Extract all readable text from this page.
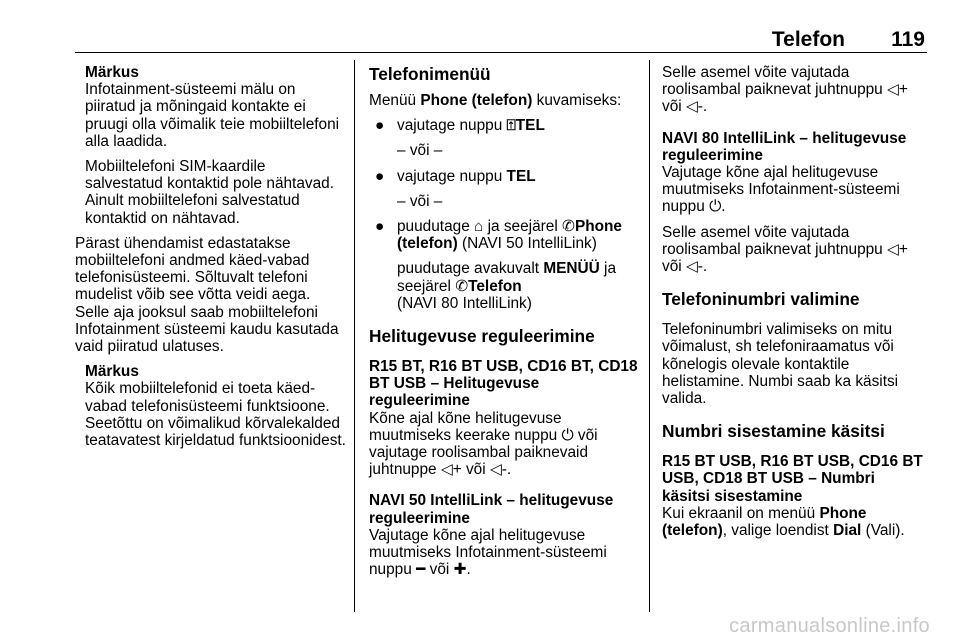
Telefon 119
Märkus

Infotainment-süsteemi mälu on piiratud ja mõningaid kontakte ei pruugi olla võimalik teie mobiiltelefoni alla laadida.

Mobiiltelefoni SIM-kaardile salvestatud kontaktid pole nähtavad. Ainult mobiiltelefoni salvestatud kontaktid on nähtavad.

Pärast ühendamist edastatakse mobiiltelefoni andmed käed-vabad telefonisüsteemi. Sõltuvalt telefoni mudelist võib see võtta veidi aega. Selle aja jooksul saab mobiiltelefoni Infotainment süsteemi kaudu kasutada vaid piiratud ulatuses.

Märkus

Kõik mobiiltelefonid ei toeta käed-vabad telefonisüsteemi funktsioone. Seetõttu on võimalikud kõrvalekalded teatavatest kirjeldatud funktsioonidest.

Telefonimenüü

Menüü Phone (telefon) kuvamiseks:

● vajutage nuppu ⍐TEL
– või –
● vajutage nuppu TEL
– või –
● puudutage ⌂ ja seejärel ✆Phone (telefon) (NAVI 50 IntelliLink)
puudutage avakuvalt MENÜÜ ja seejärel ✆Telefon
(NAVI 80 IntelliLink)
Helitugevuse reguleerimine
R15 BT, R16 BT USB, CD16 BT, CD18 BT USB – Helitugevuse reguleerimine

Kõne ajal kõne helitugevuse muutmiseks keerake nuppu ⏻ või vajutage roolisambal paiknevaid juhtnuppe ◁+ või ◁-.

NAVI 50 IntelliLink – helitugevuse reguleerimine

Vajutage kõne ajal helitugevuse muutmiseks Infotainment-süsteemi nuppu ━ või ✚.

Selle asemel võite vajutada roolisambal paiknevat juhtnuppu ◁+ või ◁-.

NAVI 80 IntelliLink – helitugevuse reguleerimine

Vajutage kõne ajal helitugevuse muutmiseks Infotainment-süsteemi nuppu ⏻.

Selle asemel võite vajutada roolisambal paiknevat juhtnuppu ◁+ või ◁-.

Telefoninumbri valimine

Telefoninumbri valimiseks on mitu võimalust, sh telefoniraamatus või kõnelogis olevale kontaktile helistamine. Numbi saab ka käsitsi valida.

Numbri sisestamine käsitsi
R15 BT USB, R16 BT USB, CD16 BT USB, CD18 BT USB – Numbri käsitsi sisestamine

Kui ekraanil on menüü Phone (telefon), valige loendist Dial (Vali).

carmanualsonline.info
